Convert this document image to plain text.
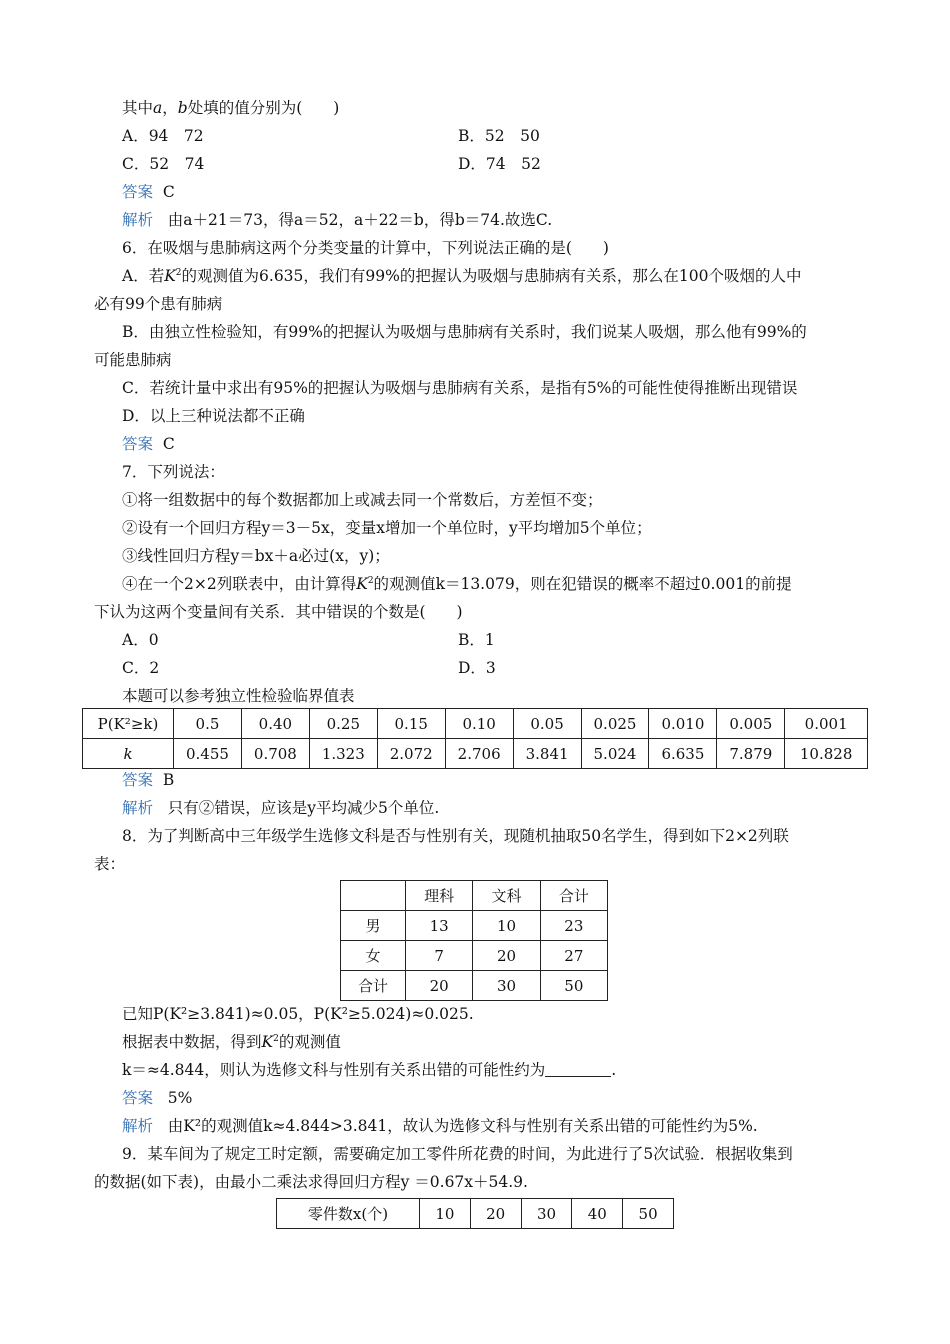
其中a，b处填的值分别为(　　)
A．94　72	B．52　50
C．52　74	D．74　52
答案 C
解析 由a＋21＝73，得a＝52，a＋22＝b，得b＝74.故选C.
6．在吸烟与患肺病这两个分类变量的计算中，下列说法正确的是(　　)
A．若$K^2$的观测值为6.635，我们有99%的把握认为吸烟与患肺病有关系，那么在100个吸烟的人中
必有99个患有肺病
B．由独立性检验知，有99%的把握认为吸烟与患肺病有关系时，我们说某人吸烟，那么他有99%的
可能患肺病
C．若统计量中求出有95%的把握认为吸烟与患肺病有关系，是指有5%的可能性使得推断出现错误
D．以上三种说法都不正确
答案 C
7．下列说法：
①将一组数据中的每个数据都加上或减去同一个常数后，方差恒不变；
②设有一个回归方程y＝3－5x，变量x增加一个单位时，y平均增加5个单位；
③线性回归方程y＝bx＋a必过(x，y)；
④在一个2×2列联表中，由计算得$K^2$的观测值k＝13.079，则在犯错误的概率不超过0.001的前提
下认为这两个变量间有关系．其中错误的个数是(　　)
A．0	B．1
C．2	D．3
本题可以参考独立性检验临界值表
P(K²≥k)	0.5	0.40	0.25	0.15	0.10	0.05	0.025	0.010	0.005	0.001
k	0.455	0.708	1.323	2.072	2.706	3.841	5.024	6.635	7.879	10.828
答案 B
解析 只有②错误，应该是y平均减少5个单位.
8．为了判断高中三年级学生选修文科是否与性别有关，现随机抽取50名学生，得到如下2×2列联
表：
	理科	文科	合计
男	13	10	23
女	7	20	27
合计	20	30	50
已知P(K²≥3.841)≈0.05，P(K²≥5.024)≈0.025.
根据表中数据，得到$K^2$的观测值
k＝≈4.844，则认为选修文科与性别有关系出错的可能性约为	.
答案 5%
解析 由K²的观测值k≈4.844>3.841，故认为选修文科与性别有关系出错的可能性约为5%.
9．某车间为了规定工时定额，需要确定加工零件所花费的时间，为此进行了5次试验．根据收集到
的数据(如下表)，由最小二乘法求得回归方程y ＝0.67x＋54.9.
零件数x(个)	10	20	30	40	50
